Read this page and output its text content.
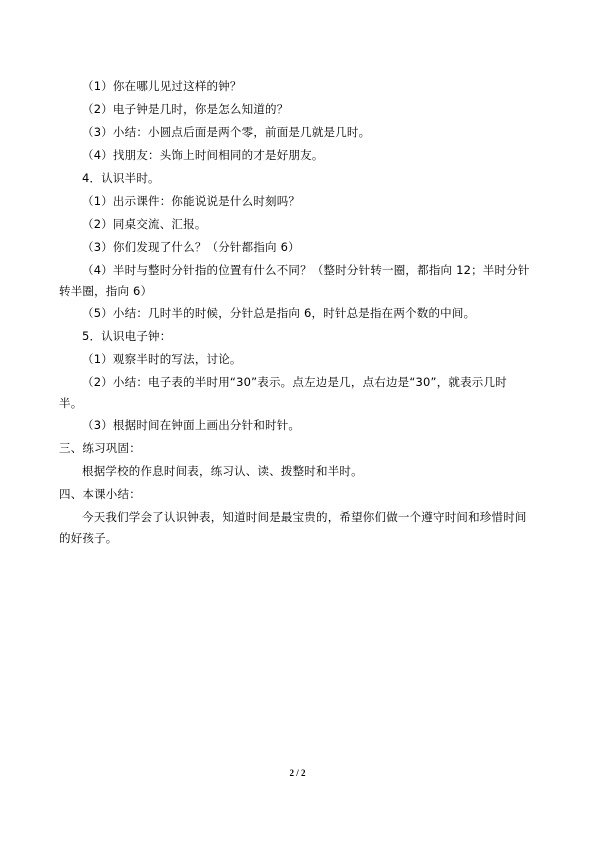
（1）你在哪儿见过这样的钟？
（2）电子钟是几时，你是怎么知道的？
（3）小结：小圆点后面是两个零，前面是几就是几时。
（4）找朋友：头饰上时间相同的才是好朋友。
4．认识半时。
（1）出示课件：你能说说是什么时刻吗？
（2）同桌交流、汇报。
（3）你们发现了什么？（分针都指向 6）
（4）半时与整时分针指的位置有什么不同？（整时分针转一圈，都指向 12；半时分针
转半圈，指向 6）
（5）小结：几时半的时候，分针总是指向 6，时针总是指在两个数的中间。
5．认识电子钟：
（1）观察半时的写法，讨论。
（2）小结：电子表的半时用“30”表示。点左边是几，点右边是“30”，就表示几时
半。
（3）根据时间在钟面上画出分针和时针。
三、练习巩固：
根据学校的作息时间表，练习认、读、拨整时和半时。
四、本课小结：
今天我们学会了认识钟表，知道时间是最宝贵的，希望你们做一个遵守时间和珍惜时间
的好孩子。
2 / 2
